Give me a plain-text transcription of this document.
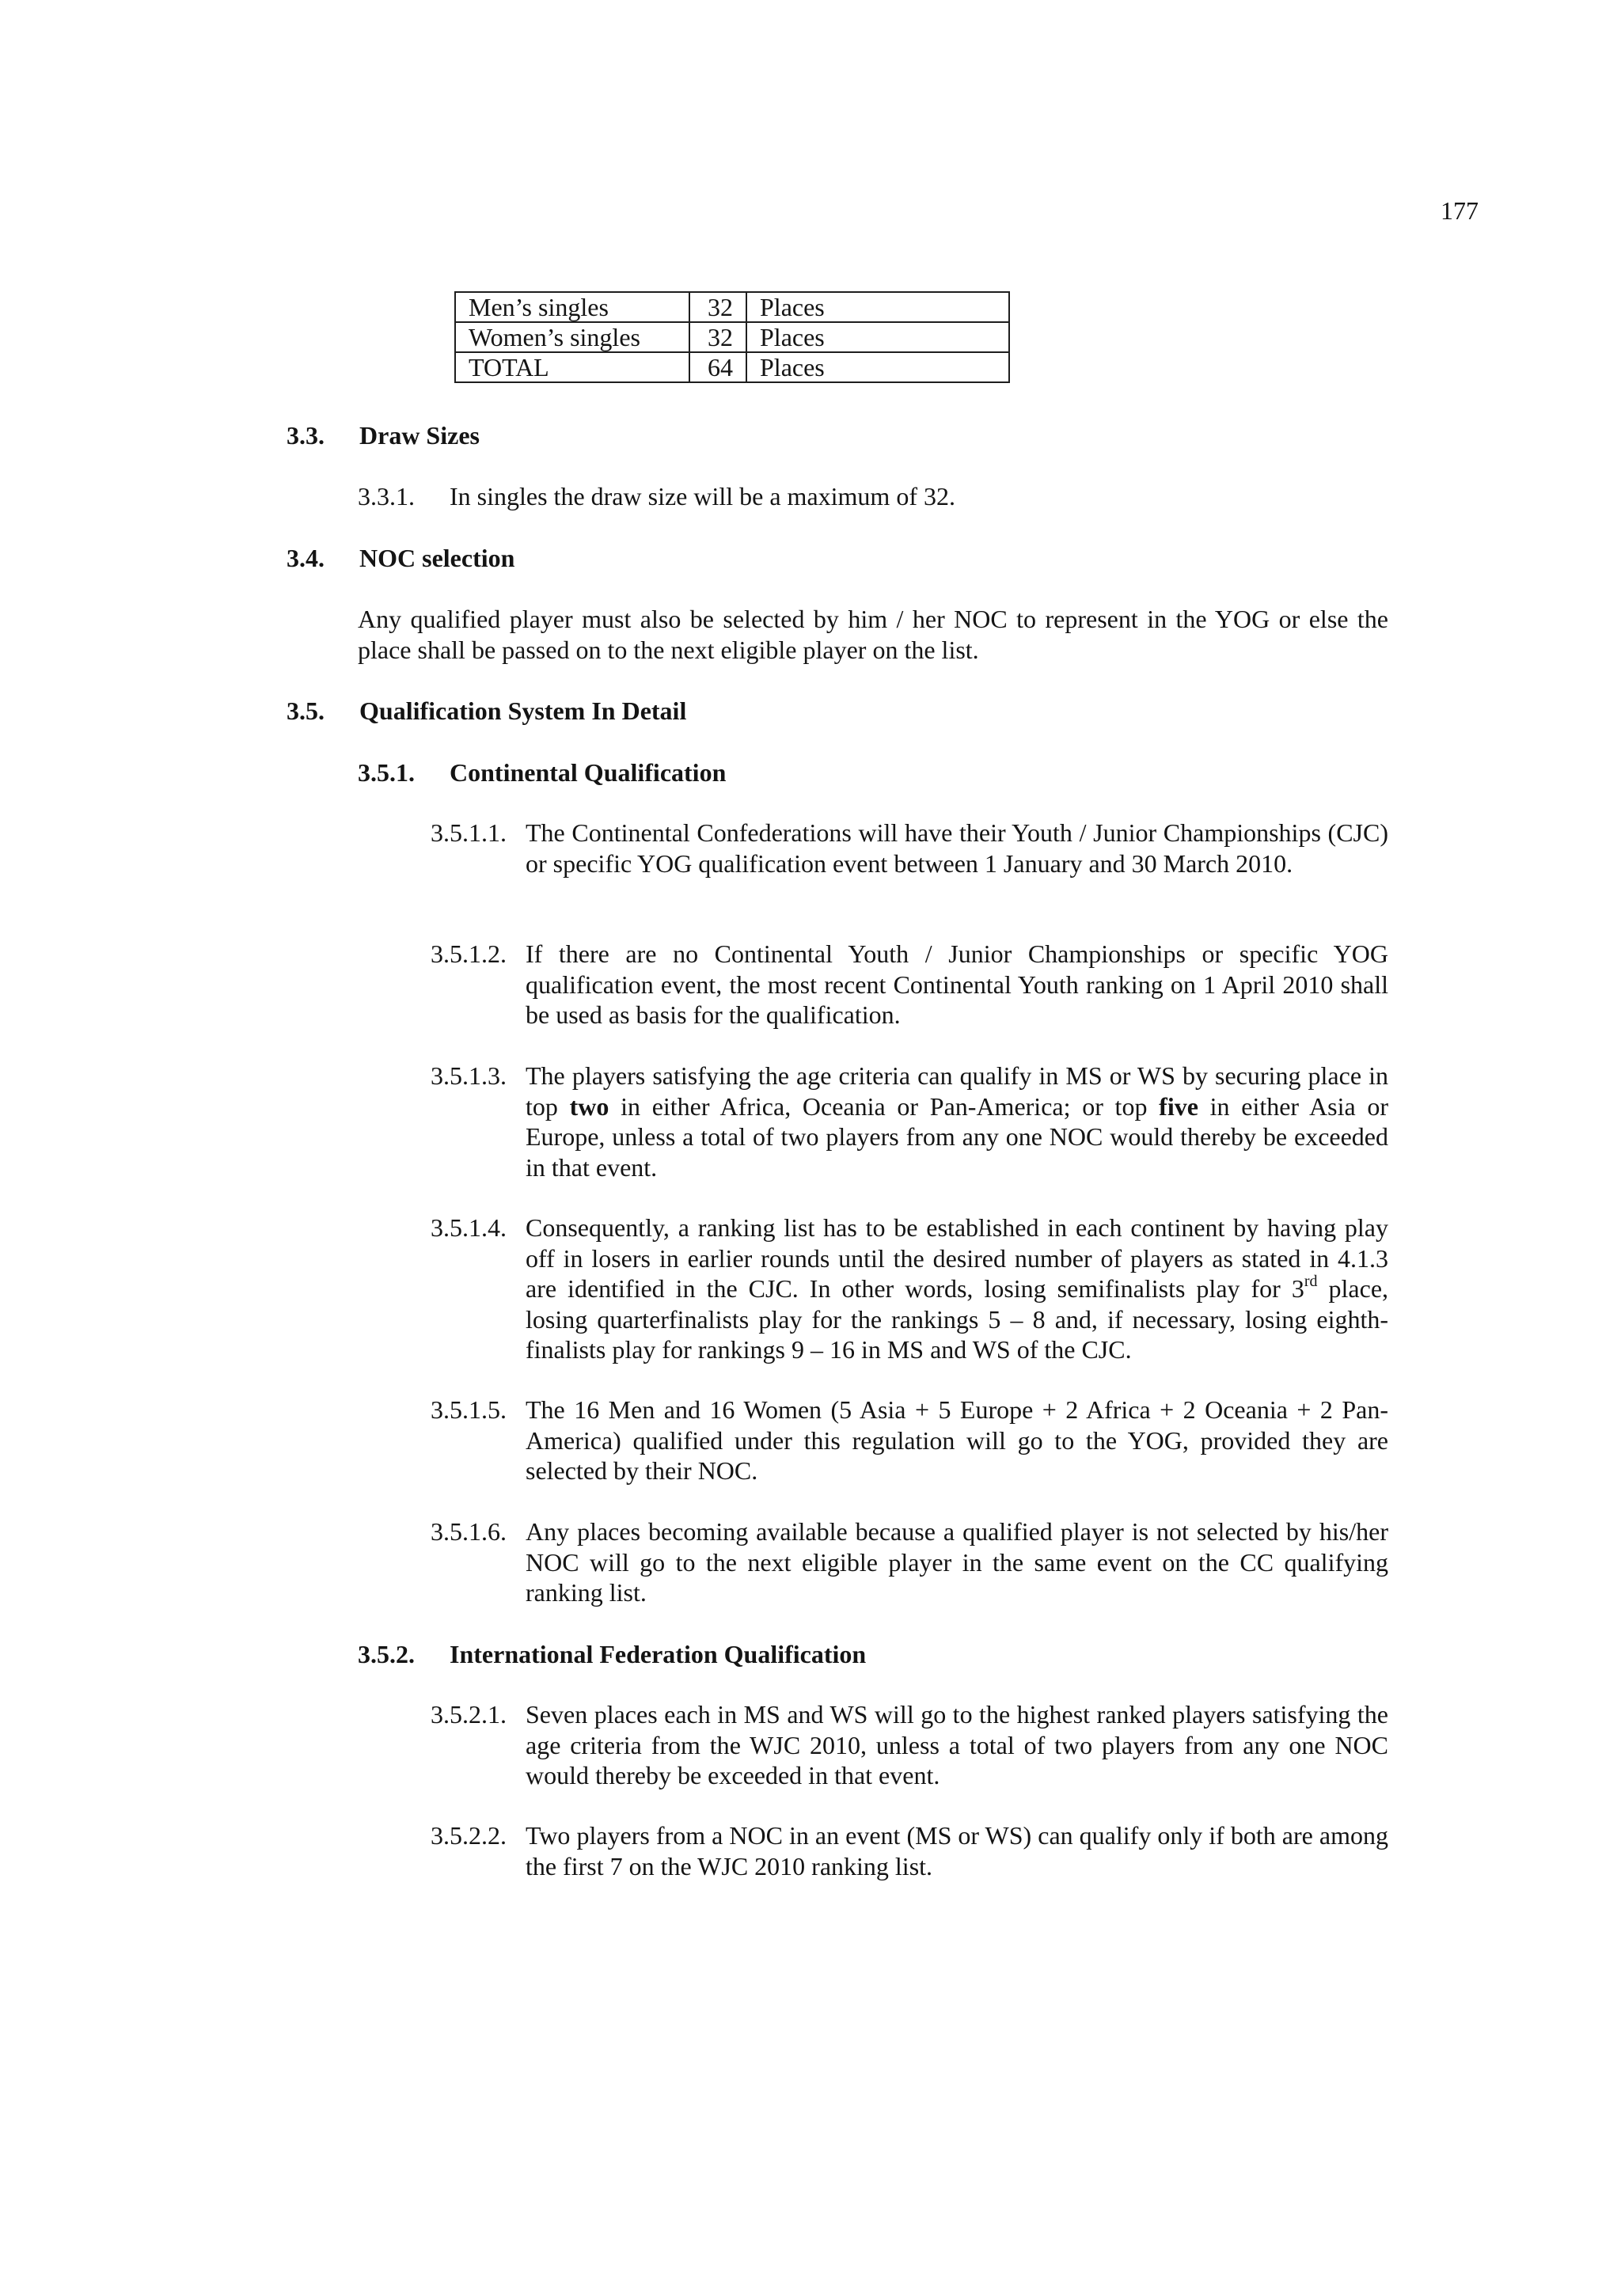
177
Men’s singles	32	Places
Women’s singles	32	Places
TOTAL	64	Places
3.3. Draw Sizes
3.3.1. In singles the draw size will be a maximum of 32.
3.4. NOC selection
Any qualified player must also be selected by him / her NOC to represent in the YOG or else the place shall be passed on to the next eligible player on the list.
3.5. Qualification System In Detail
3.5.1. Continental Qualification
3.5.1.1. The Continental Confederations will have their Youth / Junior Championships (CJC) or specific YOG qualification event between 1 January and 30 March 2010.
3.5.1.2. If there are no Continental Youth / Junior Championships or specific YOG qualification event, the most recent Continental Youth ranking on 1 April 2010 shall be used as basis for the qualification.
3.5.1.3. The players satisfying the age criteria can qualify in MS or WS by securing place in top two in either Africa, Oceania or Pan-America; or top five in either Asia or Europe, unless a total of two players from any one NOC would thereby be exceeded in that event.
3.5.1.4. Consequently, a ranking list has to be established in each continent by having play off in losers in earlier rounds until the desired number of players as stated in 4.1.3 are identified in the CJC. In other words, losing semifinalists play for 3rd place, losing quarterfinalists play for the rankings 5 – 8 and, if necessary, losing eighth-finalists play for rankings 9 – 16 in MS and WS of the CJC.
3.5.1.5. The 16 Men and 16 Women (5 Asia + 5 Europe + 2 Africa + 2 Oceania + 2 Pan-America) qualified under this regulation will go to the YOG, provided they are selected by their NOC.
3.5.1.6. Any places becoming available because a qualified player is not selected by his/her NOC will go to the next eligible player in the same event on the CC qualifying ranking list.
3.5.2. International Federation Qualification
3.5.2.1. Seven places each in MS and WS will go to the highest ranked players satisfying the age criteria from the WJC 2010, unless a total of two players from any one NOC would thereby be exceeded in that event.
3.5.2.2. Two players from a NOC in an event (MS or WS) can qualify only if both are among the first 7 on the WJC 2010 ranking list.
